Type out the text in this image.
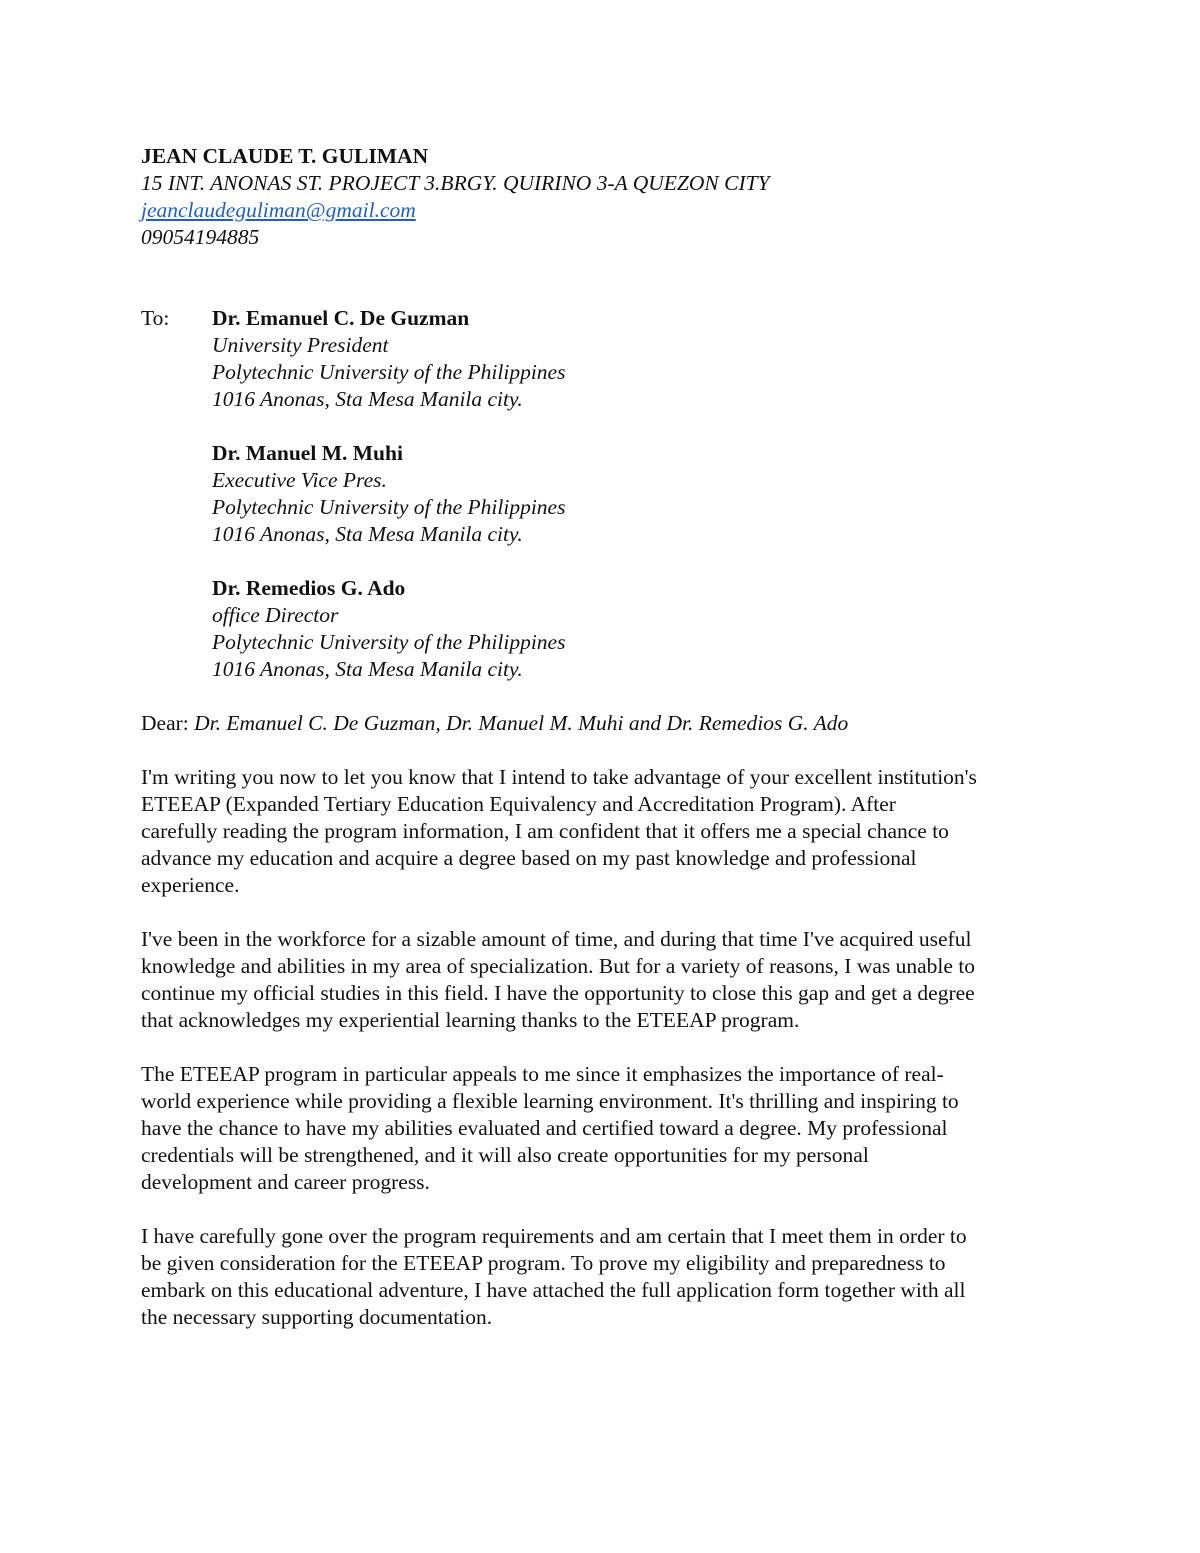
JEAN CLAUDE T. GULIMAN
15 INT. ANONAS ST. PROJECT 3.BRGY. QUIRINO 3-A QUEZON CITY
jeanclaudeguliman@gmail.com
09054194885
To: Dr. Emanuel C. De Guzman
University President
Polytechnic University of the Philippines
1016 Anonas, Sta Mesa Manila city.
Dr. Manuel M. Muhi
Executive Vice Pres.
Polytechnic University of the Philippines
1016 Anonas, Sta Mesa Manila city.
Dr. Remedios G. Ado
office Director
Polytechnic University of the Philippines
1016 Anonas, Sta Mesa Manila city.
Dear: Dr. Emanuel C. De Guzman, Dr. Manuel M. Muhi and Dr. Remedios G. Ado
I'm writing you now to let you know that I intend to take advantage of your excellent institution's
ETEEAP (Expanded Tertiary Education Equivalency and Accreditation Program). After
carefully reading the program information, I am confident that it offers me a special chance to
advance my education and acquire a degree based on my past knowledge and professional
experience.
I've been in the workforce for a sizable amount of time, and during that time I've acquired useful
knowledge and abilities in my area of specialization. But for a variety of reasons, I was unable to
continue my official studies in this field. I have the opportunity to close this gap and get a degree
that acknowledges my experiential learning thanks to the ETEEAP program.
The ETEEAP program in particular appeals to me since it emphasizes the importance of real-
world experience while providing a flexible learning environment. It's thrilling and inspiring to
have the chance to have my abilities evaluated and certified toward a degree. My professional
credentials will be strengthened, and it will also create opportunities for my personal
development and career progress.
I have carefully gone over the program requirements and am certain that I meet them in order to
be given consideration for the ETEEAP program. To prove my eligibility and preparedness to
embark on this educational adventure, I have attached the full application form together with all
the necessary supporting documentation.
